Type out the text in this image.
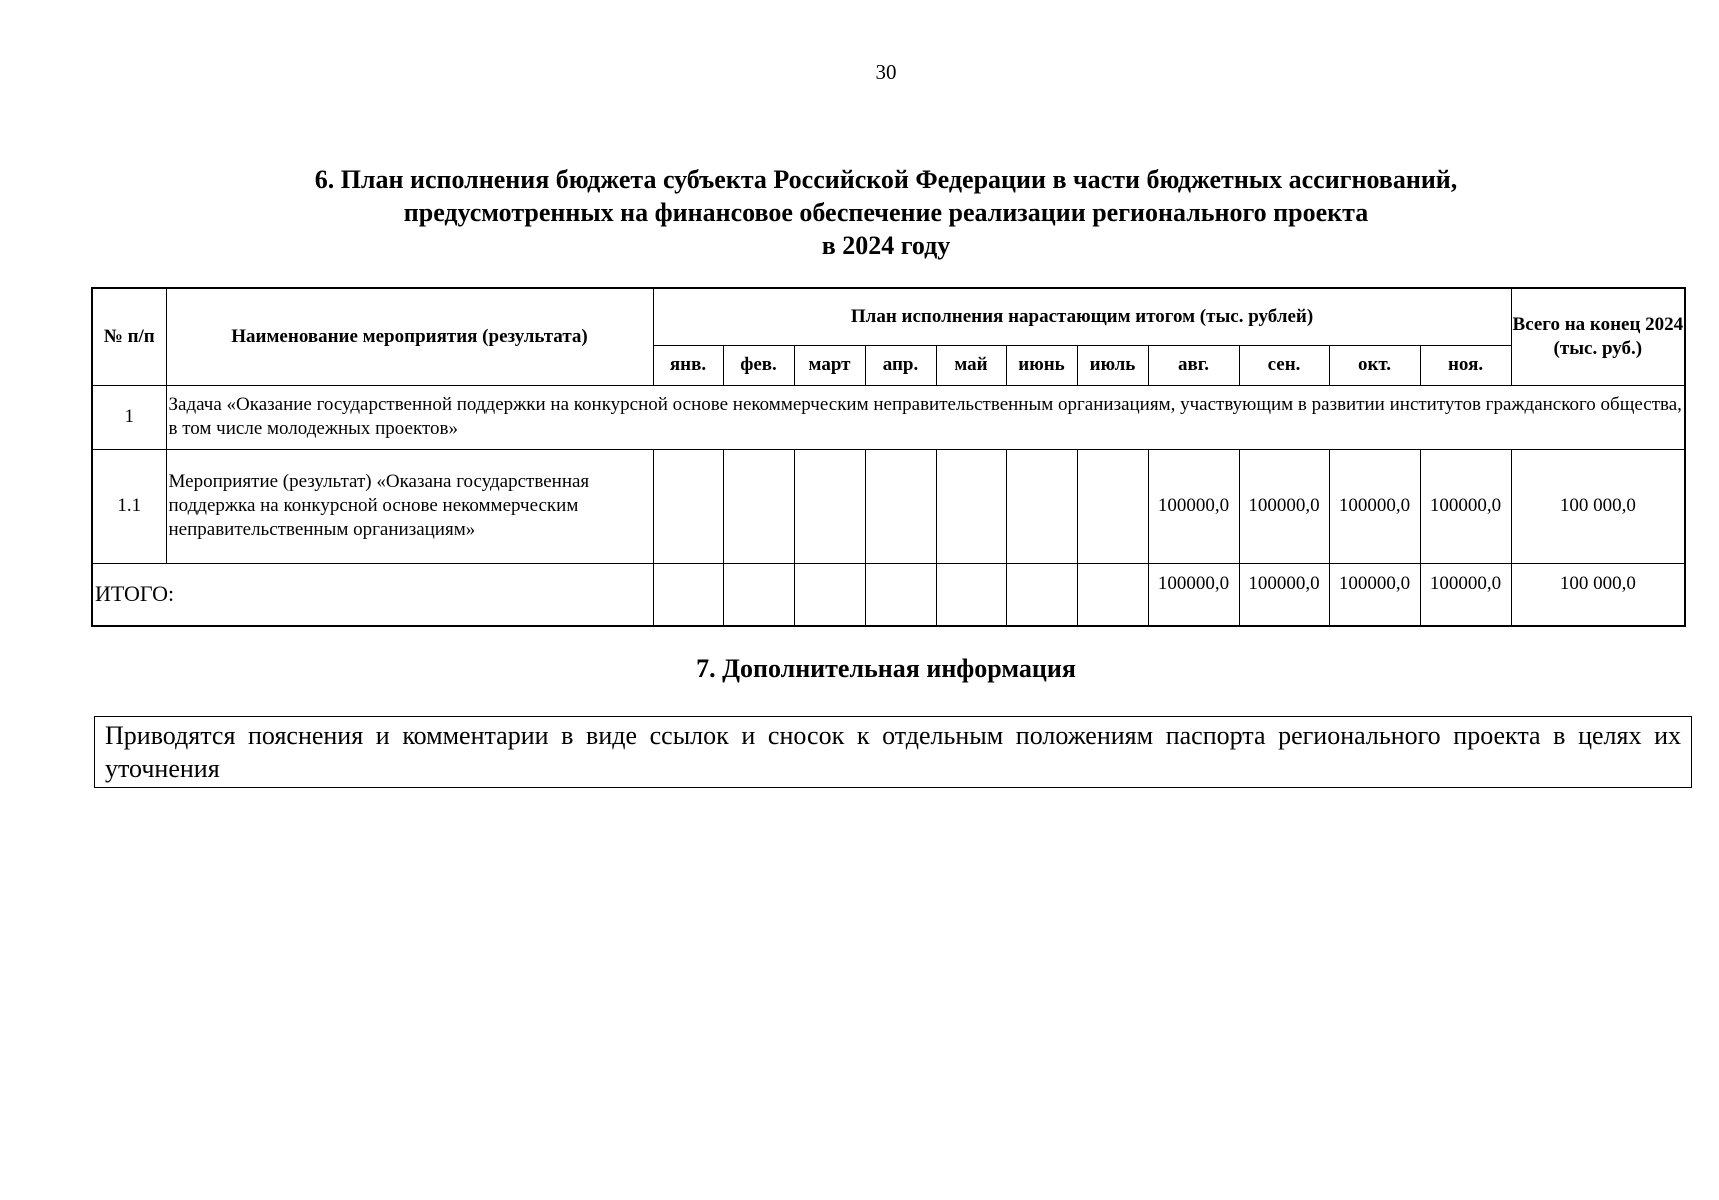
30
6. План исполнения бюджета субъекта Российской Федерации в части бюджетных ассигнований,
предусмотренных на финансовое обеспечение реализации регионального проекта
в 2024 году
№ п/п	Наименование мероприятия (результата)	План исполнения нарастающим итогом (тыс. рублей)											Всего на конец 2024 (тыс. руб.)
		янв.	фев.	март	апр.	май	июнь	июль	авг.	сен.	окт.	ноя.	
1	Задача «Оказание государственной поддержки на конкурсной основе некоммерческим неправительственным организациям, участвующим в развитии институтов гражданского общества, в том числе молодежных проектов»												
1.1	Мероприятие (результат) «Оказана государственная поддержка на конкурсной основе некоммерческим неправительственным организациям»								100000,0	100000,0	100000,0	100000,0	100 000,0
ИТОГО:									100000,0	100000,0	100000,0	100000,0	100 000,0
7. Дополнительная информация
Приводятся пояснения и комментарии в виде ссылок и сносок к отдельным положениям паспорта регионального проекта в целях их уточнения
